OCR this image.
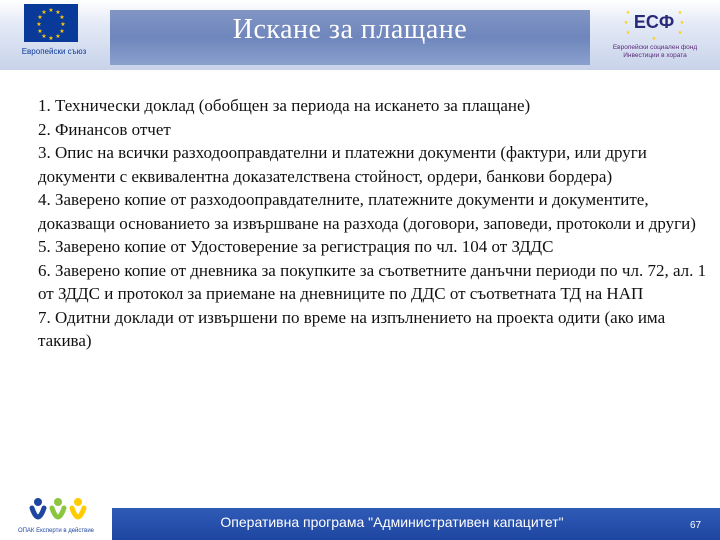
Искане за плащане
★ ★
★
★
★
★
★
★
★
★
★
★
Европейски съюз
★
★
★
★
★
★
★
ЕСФ
Европейски социален фонд
Инвестиции в хората

1. Технически доклад (обобщен за периода на искането за плащане)

2. Финансов отчет

3. Опис на всички разходооправдателни и платежни документи (фактури, или други документи с еквивалентна доказателствена стойност, ордери, банкови бордера)

4. Заверено копие от разходооправдателните, платежните документи и документите, доказващи основанието за извършване на разхода (договори, заповеди, протоколи и други)

5. Заверено копие от Удостоверение за регистрация по чл. 104 от ЗДДС

6. Заверено копие от дневника за покупките за съответните данъчни периоди по чл. 72, ал. 1 от ЗДДС и протокол за приемане на дневниците по ДДС от съответната ТД на НАП

7. Одитни доклади от извършени по време на изпълнението на проекта одити (ако има такива)

Оперативна програма "Административен капацитет"	67
ОПАК Експерти в действие
